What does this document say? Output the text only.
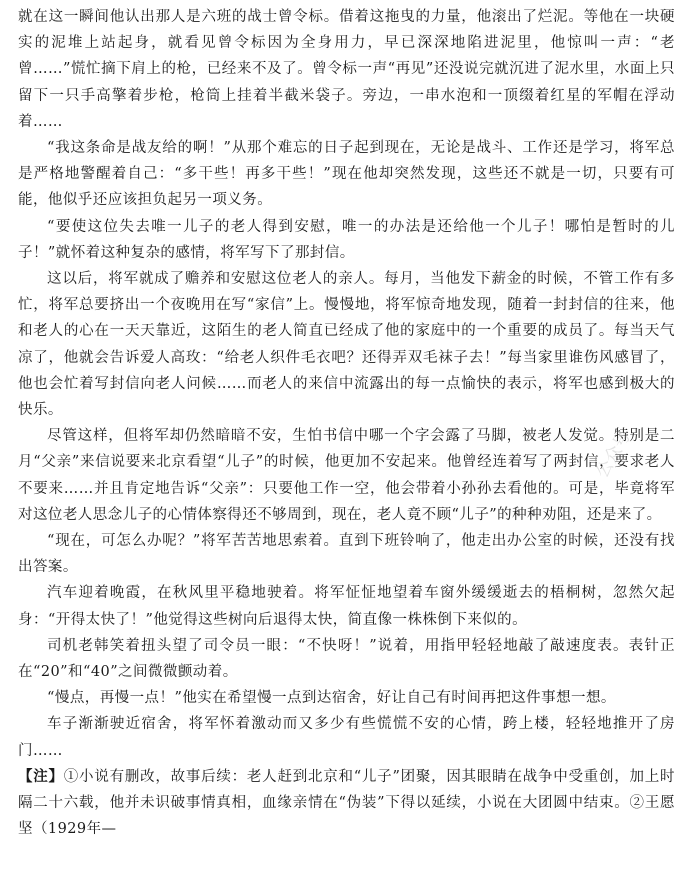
就在这一瞬间他认出那人是六班的战士曾令标。借着这拖曳的力量，他滚出了烂泥。等他在一块硬实的泥堆上站起身，就看见曾令标因为全身用力，早已深深地陷进泥里，他惊叫一声：“老曾……”慌忙摘下肩上的枪，已经来不及了。曾令标一声“再见”还没说完就沉进了泥水里，水面上只留下一只手高擎着步枪，枪筒上挂着半截米袋子。旁边，一串水泡和一顶缀着红星的军帽在浮动着……

“我这条命是战友给的啊！”从那个难忘的日子起到现在，无论是战斗、工作还是学习，将军总是严格地警醒着自己：“多干些！再多干些！”现在他却突然发现，这些还不就是一切，只要有可能，他似乎还应该担负起另一项义务。

“要使这位失去唯一儿子的老人得到安慰，唯一的办法是还给他一个儿子！哪怕是暂时的儿子！”就怀着这种复杂的感情，将军写下了那封信。

这以后，将军就成了赡养和安慰这位老人的亲人。每月，当他发下薪金的时候，不管工作有多忙，将军总要挤出一个夜晚用在写“家信”上。慢慢地，将军惊奇地发现，随着一封封信的往来，他和老人的心在一天天靠近，这陌生的老人简直已经成了他的家庭中的一个重要的成员了。每当天气凉了，他就会告诉爱人高玫：“给老人织件毛衣吧？还得弄双毛袜子去！”每当家里谁伤风感冒了，他也会忙着写封信向老人问候……而老人的来信中流露出的每一点愉快的表示，将军也感到极大的快乐。

尽管这样，但将军却仍然暗暗不安，生怕书信中哪一个字会露了马脚，被老人发觉。特别是二月“父亲”来信说要来北京看望“儿子”的时候，他更加不安起来。他曾经连着写了两封信，要求老人不要来……并且肯定地告诉“父亲”：只要他工作一空，他会带着小孙孙去看他的。可是，毕竟将军对这位老人思念儿子的心情体察得还不够周到，现在，老人竟不顾“儿子”的种种劝阻，还是来了。

“现在，可怎么办呢？”将军苦苦地思索着。直到下班铃响了，他走出办公室的时候，还没有找出答案。

汽车迎着晚霞，在秋风里平稳地驶着。将军怔怔地望着车窗外缓缓逝去的梧桐树，忽然欠起身：“开得太快了！”他觉得这些树向后退得太快，简直像一株株倒下来似的。

司机老韩笑着扭头望了司令员一眼：“不快呀！”说着，用指甲轻轻地敲了敲速度表。表针正在“20”和“40”之间微微颤动着。

“慢点，再慢一点！”他实在希望慢一点到达宿舍，好让自己有时间再把这件事想一想。

车子渐渐驶近宿舍，将军怀着激动而又多少有些慌慌不安的心情，跨上楼，轻轻地推开了房门……

【注】①小说有删改，故事后续：老人赶到北京和“儿子”团聚，因其眼睛在战争中受重创，加上时隔二十六载，他并未识破事情真相，血缘亲情在“伪装”下得以延续，小说在大团圆中结束。②王愿坚（1929年—

公众号
